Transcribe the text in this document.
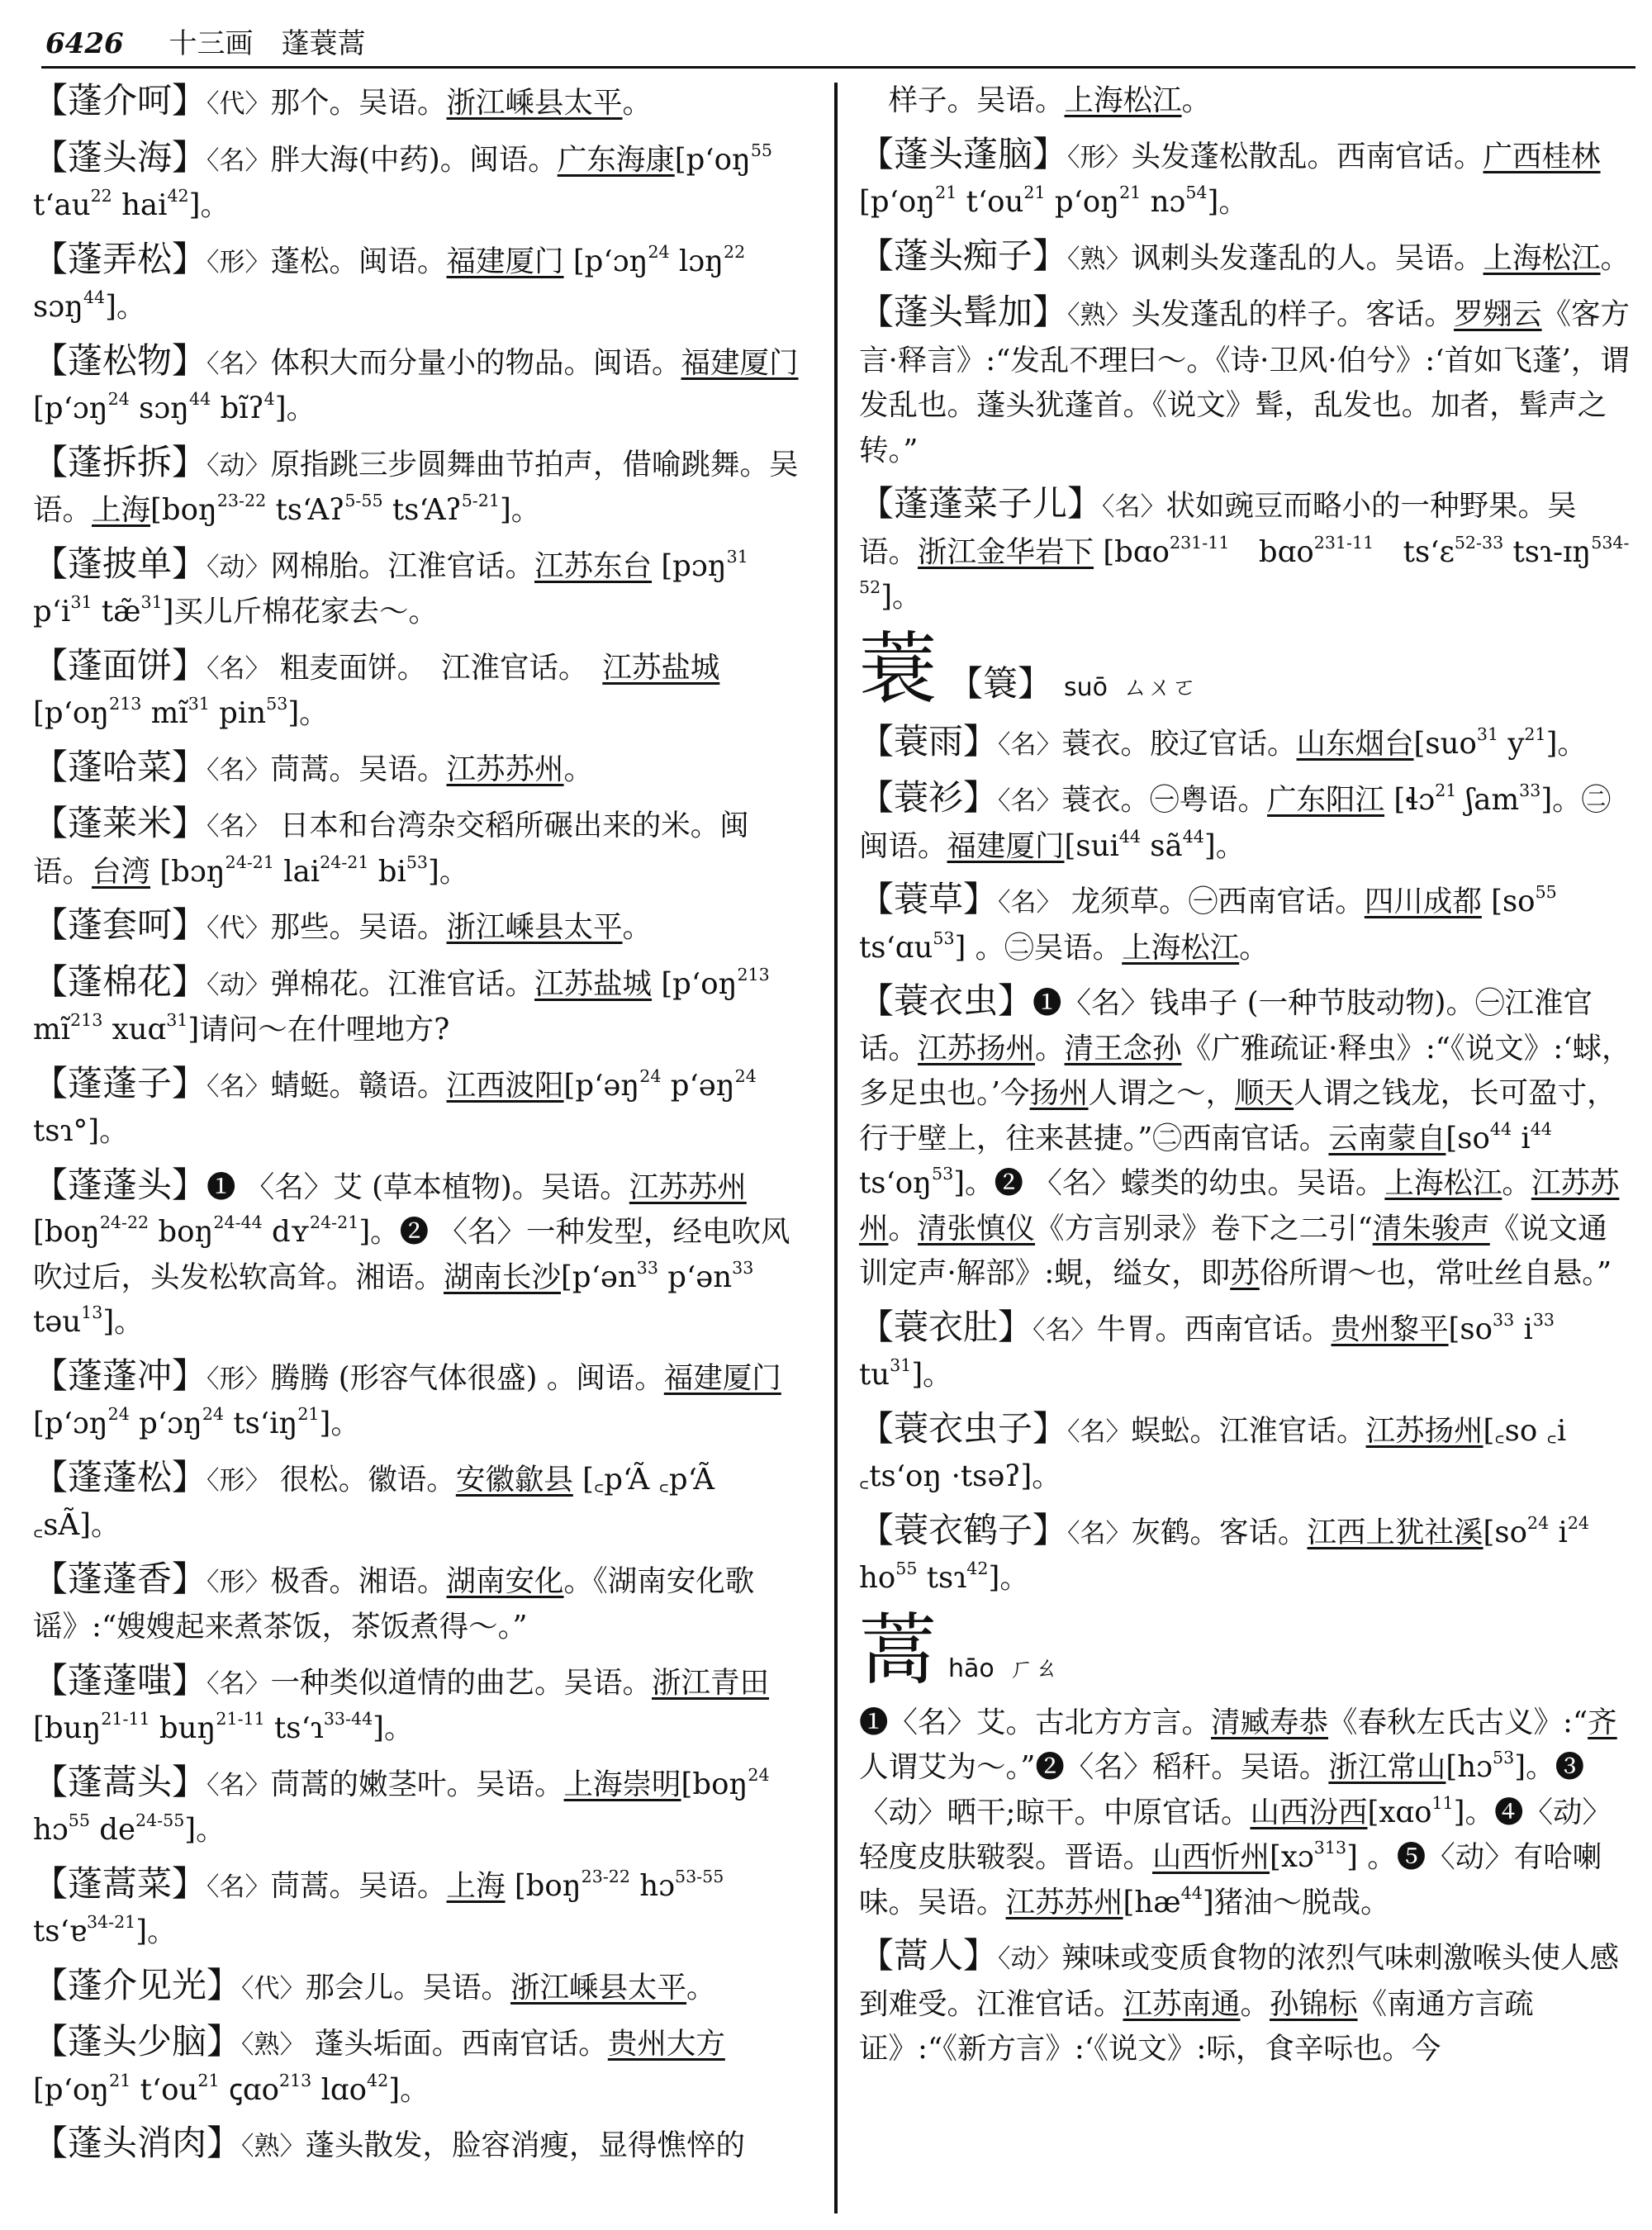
6426 十三画　蓬蓑蒿

【蓬介呵】〈代〉那个。吴语。浙江嵊县太平。

【蓬头海】〈名〉胖大海(中药)。闽语。广东海康[pʻoŋ$^{55}$ tʻau$^{22}$ hai$^{42}$]。

【蓬弄松】〈形〉蓬松。闽语。福建厦门 [pʻɔŋ$^{24}$ lɔŋ$^{22}$ sɔŋ$^{44}$]。

【蓬松物】〈名〉体积大而分量小的物品。闽语。福建厦门[pʻɔŋ$^{24}$ sɔŋ$^{44}$ bĩʔ$^4$]。

【蓬拆拆】〈动〉原指跳三步圆舞曲节拍声，借喻跳舞。吴语。上海[boŋ$^{23-22}$ tsʻAʔ$^{5-55}$ tsʻAʔ$^{5-21}$]。

【蓬披单】〈动〉网棉胎。江淮官话。江苏东台 [pɔŋ$^{31}$ pʻi$^{31}$ tæ̃$^{31}$]买儿斤棉花家去～。

【蓬面饼】〈名〉 粗麦面饼。　江淮官话。　江苏盐城 [pʻoŋ$^{213}$ $mĩ^{31}$ pin$^{53}$]。

【蓬哈菜】〈名〉茼蒿。吴语。江苏苏州。

【蓬莱米】〈名〉 日本和台湾杂交稻所碾出来的米。闽语。台湾 [bɔŋ$^{24-21}$ lai$^{24-21}$ $bi^{53}$]。

【蓬套呵】〈代〉那些。吴语。浙江嵊县太平。

【蓬棉花】〈动〉弹棉花。江淮官话。江苏盐城 [pʻoŋ$^{213}$ $mĩ^{213}$ xuɑ$^{31}$]请问～在什哩地方?

【蓬蓬子】〈名〉蜻蜓。赣语。江西波阳[pʻəŋ$^{24}$ pʻəŋ$^{24}$ tsɿ°]。

【蓬蓬头】❶ 〈名〉艾 (草本植物)。吴语。江苏苏州 [boŋ$^{24-22}$ boŋ$^{24-44}$ dʏ$^{24-21}$]。❷ 〈名〉一种发型，经电吹风吹过后，头发松软高耸。湘语。湖南长沙[pʻən$^{33}$ pʻən$^{33}$ təu$^{13}$]。

【蓬蓬冲】〈形〉腾腾 (形容气体很盛) 。闽语。福建厦门[pʻɔŋ$^{24}$ pʻɔŋ$^{24}$ tsʻiŋ$^{21}$]。

【蓬蓬松】〈形〉 很松。徽语。安徽歙县 [꜀pʻÃ ꜀pʻÃ ꜀sÃ]。

【蓬蓬香】〈形〉极香。湘语。湖南安化。《湖南安化歌谣》:“嫂嫂起来煮茶饭，茶饭煮得～。”

【蓬蓬嗤】〈名〉一种类似道情的曲艺。吴语。浙江青田[buŋ$^{21-11}$ buŋ$^{21-11}$ tsʻɿ$^{33-44}$]。

【蓬蒿头】〈名〉茼蒿的嫩茎叶。吴语。上海崇明[boŋ$^{24}$ hɔ$^{55}$ $de^{24-55}$]。

【蓬蒿菜】〈名〉茼蒿。吴语。上海 [boŋ$^{23-22}$ hɔ$^{53-55}$ tsʻɐ$^{34-21}$]。

【蓬介见光】〈代〉那会儿。吴语。浙江嵊县太平。

【蓬头少脑】〈熟〉 蓬头垢面。西南官话。贵州大方 [pʻoŋ$^{21}$ tʻou$^{21}$ ꞔɑo$^{213}$ lɑo$^{42}$]。

【蓬头消肉】〈熟〉蓬头散发，脸容消瘦，显得憔悴的

　样子。吴语。上海松江。

【蓬头蓬脑】〈形〉头发蓬松散乱。西南官话。广西桂林[pʻoŋ$^{21}$ tʻou$^{21}$ pʻoŋ$^{21}$ nɔ$^{54}$]。

【蓬头痴子】〈熟〉讽刺头发蓬乱的人。吴语。上海松江。

【蓬头髶加】〈熟〉头发蓬乱的样子。客话。罗翙云《客方言·释言》:“发乱不理曰～。《诗·卫风·伯兮》:‘首如飞蓬’，谓发乱也。蓬头犹蓬首。《说文》髶，乱发也。加者，髶声之转。”

【蓬蓬菜子儿】〈名〉状如豌豆而略小的一种野果。吴语。浙江金华岩下 [bɑo$^{231-11}$　bɑo$^{231-11}$　tsʻɛ$^{52-33}$ tsɿ-ɪŋ$^{534-52}$]。

蓑 【簑】 suō ㄙㄨㄛ

【蓑雨】〈名〉蓑衣。胶辽官话。山东烟台[suo$^{31}$ $y^{21}$]。

【蓑衫】〈名〉蓑衣。㊀粤语。广东阳江 [ɬɔ$^{21}$ ʃam$^{33}$]。㊁闽语。福建厦门[sui$^{44}$ $sã^{44}$]。

【蓑草】〈名〉 龙须草。㊀西南官话。四川成都 [$so^{55}$ tsʻɑu$^{53}$] 。㊁吴语。上海松江。

【蓑衣虫】❶〈名〉钱串子 (一种节肢动物)。㊀江淮官话。江苏扬州。清王念孙《广雅疏证·释虫》:“《说文》:‘蛷，多足虫也。’今扬州人谓之～，顺天人谓之钱龙，长可盈寸，行于壁上，往来甚捷。”㊁西南官话。云南蒙自[$so^{44}$ $i^{44}$ tsʻoŋ$^{53}$]。❷ 〈名〉蠓类的幼虫。吴语。上海松江。江苏苏州。清张慎仪《方言别录》卷下之二引“清朱骏声《说文通训定声·解部》:蜆，缢女，即苏俗所谓～也，常吐丝自悬。”

【蓑衣肚】〈名〉牛胃。西南官话。贵州黎平[$so^{33}$ $i^{33}$ $tu^{31}$]。

【蓑衣虫子】〈名〉蜈蚣。江淮官话。江苏扬州[꜀so ꜀i ꜀tsʻoŋ ·tsəʔ]。

【蓑衣鹤子】〈名〉灰鹤。客话。江西上犹社溪[$so^{24}$ $i^{24}$ $ho^{55}$ tsɿ$^{42}$]。

蒿 hāo ㄏㄠ

❶〈名〉艾。古北方方言。清臧寿恭《春秋左氏古义》:“齐人谓艾为～。”❷〈名〉稻秆。吴语。浙江常山[hɔ$^{53}$]。❸〈动〉晒干;晾干。中原官话。山西汾西[xɑo$^{11}$]。❹〈动〉轻度皮肤皲裂。晋语。山西忻州[xɔ$^{313}$] 。❺〈动〉有哈喇味。吴语。江苏苏州$[hæ^{44}]$猪油～脱哉。

【蒿人】〈动〉辣味或变质食物的浓烈气味刺激喉头使人感到难受。江淮官话。江苏南通。孙锦标《南通方言疏证》:“《新方言》:‘《说文》:呩，食辛呩也。今
